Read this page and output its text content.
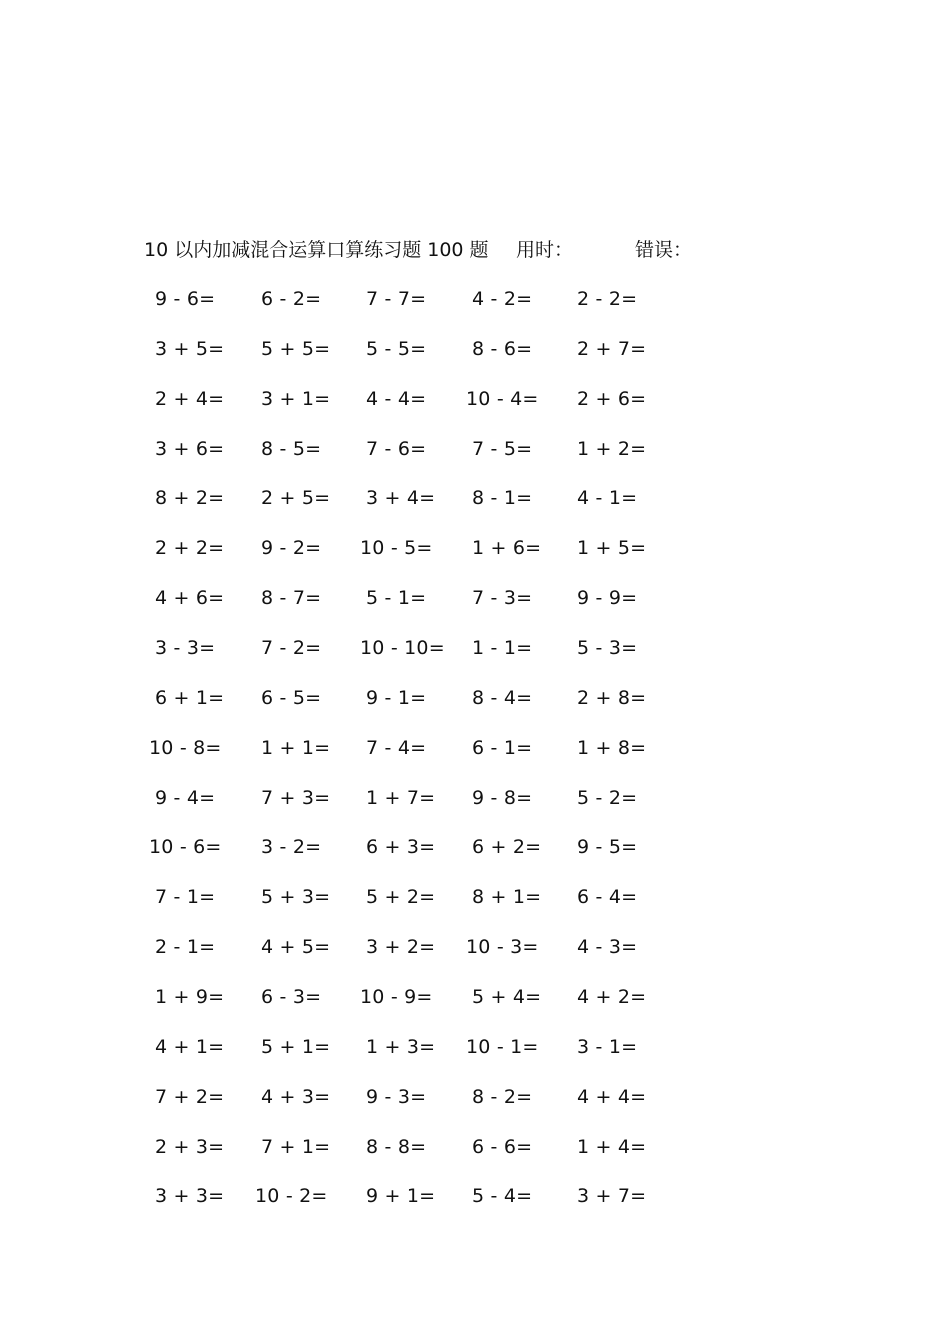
10 以内加减混合运算口算练习题 100 题 用时：	错误：
9 - 6= 6 - 2= 7 - 7= 4 - 2= 2 - 2=
3 + 5= 5 + 5= 5 - 5= 8 - 6= 2 + 7=
2 + 4= 3 + 1= 4 - 4= 10 - 4= 2 + 6=
3 + 6= 8 - 5= 7 - 6= 7 - 5= 1 + 2=
8 + 2= 2 + 5= 3 + 4= 8 - 1= 4 - 1=
2 + 2= 9 - 2= 10 - 5= 1 + 6= 1 + 5=
4 + 6= 8 - 7= 5 - 1= 7 - 3= 9 - 9=
3 - 3= 7 - 2= 10 - 10= 1 - 1= 5 - 3=
6 + 1= 6 - 5= 9 - 1= 8 - 4= 2 + 8=
10 - 8= 1 + 1= 7 - 4= 6 - 1= 1 + 8=
9 - 4= 7 + 3= 1 + 7= 9 - 8= 5 - 2=
10 - 6= 3 - 2= 6 + 3= 6 + 2= 9 - 5=
7 - 1= 5 + 3= 5 + 2= 8 + 1= 6 - 4=
2 - 1= 4 + 5= 3 + 2= 10 - 3= 4 - 3=
1 + 9= 6 - 3= 10 - 9= 5 + 4= 4 + 2=
4 + 1= 5 + 1= 1 + 3= 10 - 1= 3 - 1=
7 + 2= 4 + 3= 9 - 3= 8 - 2= 4 + 4=
2 + 3= 7 + 1= 8 - 8= 6 - 6= 1 + 4=
3 + 3= 10 - 2= 9 + 1= 5 - 4= 3 + 7=
